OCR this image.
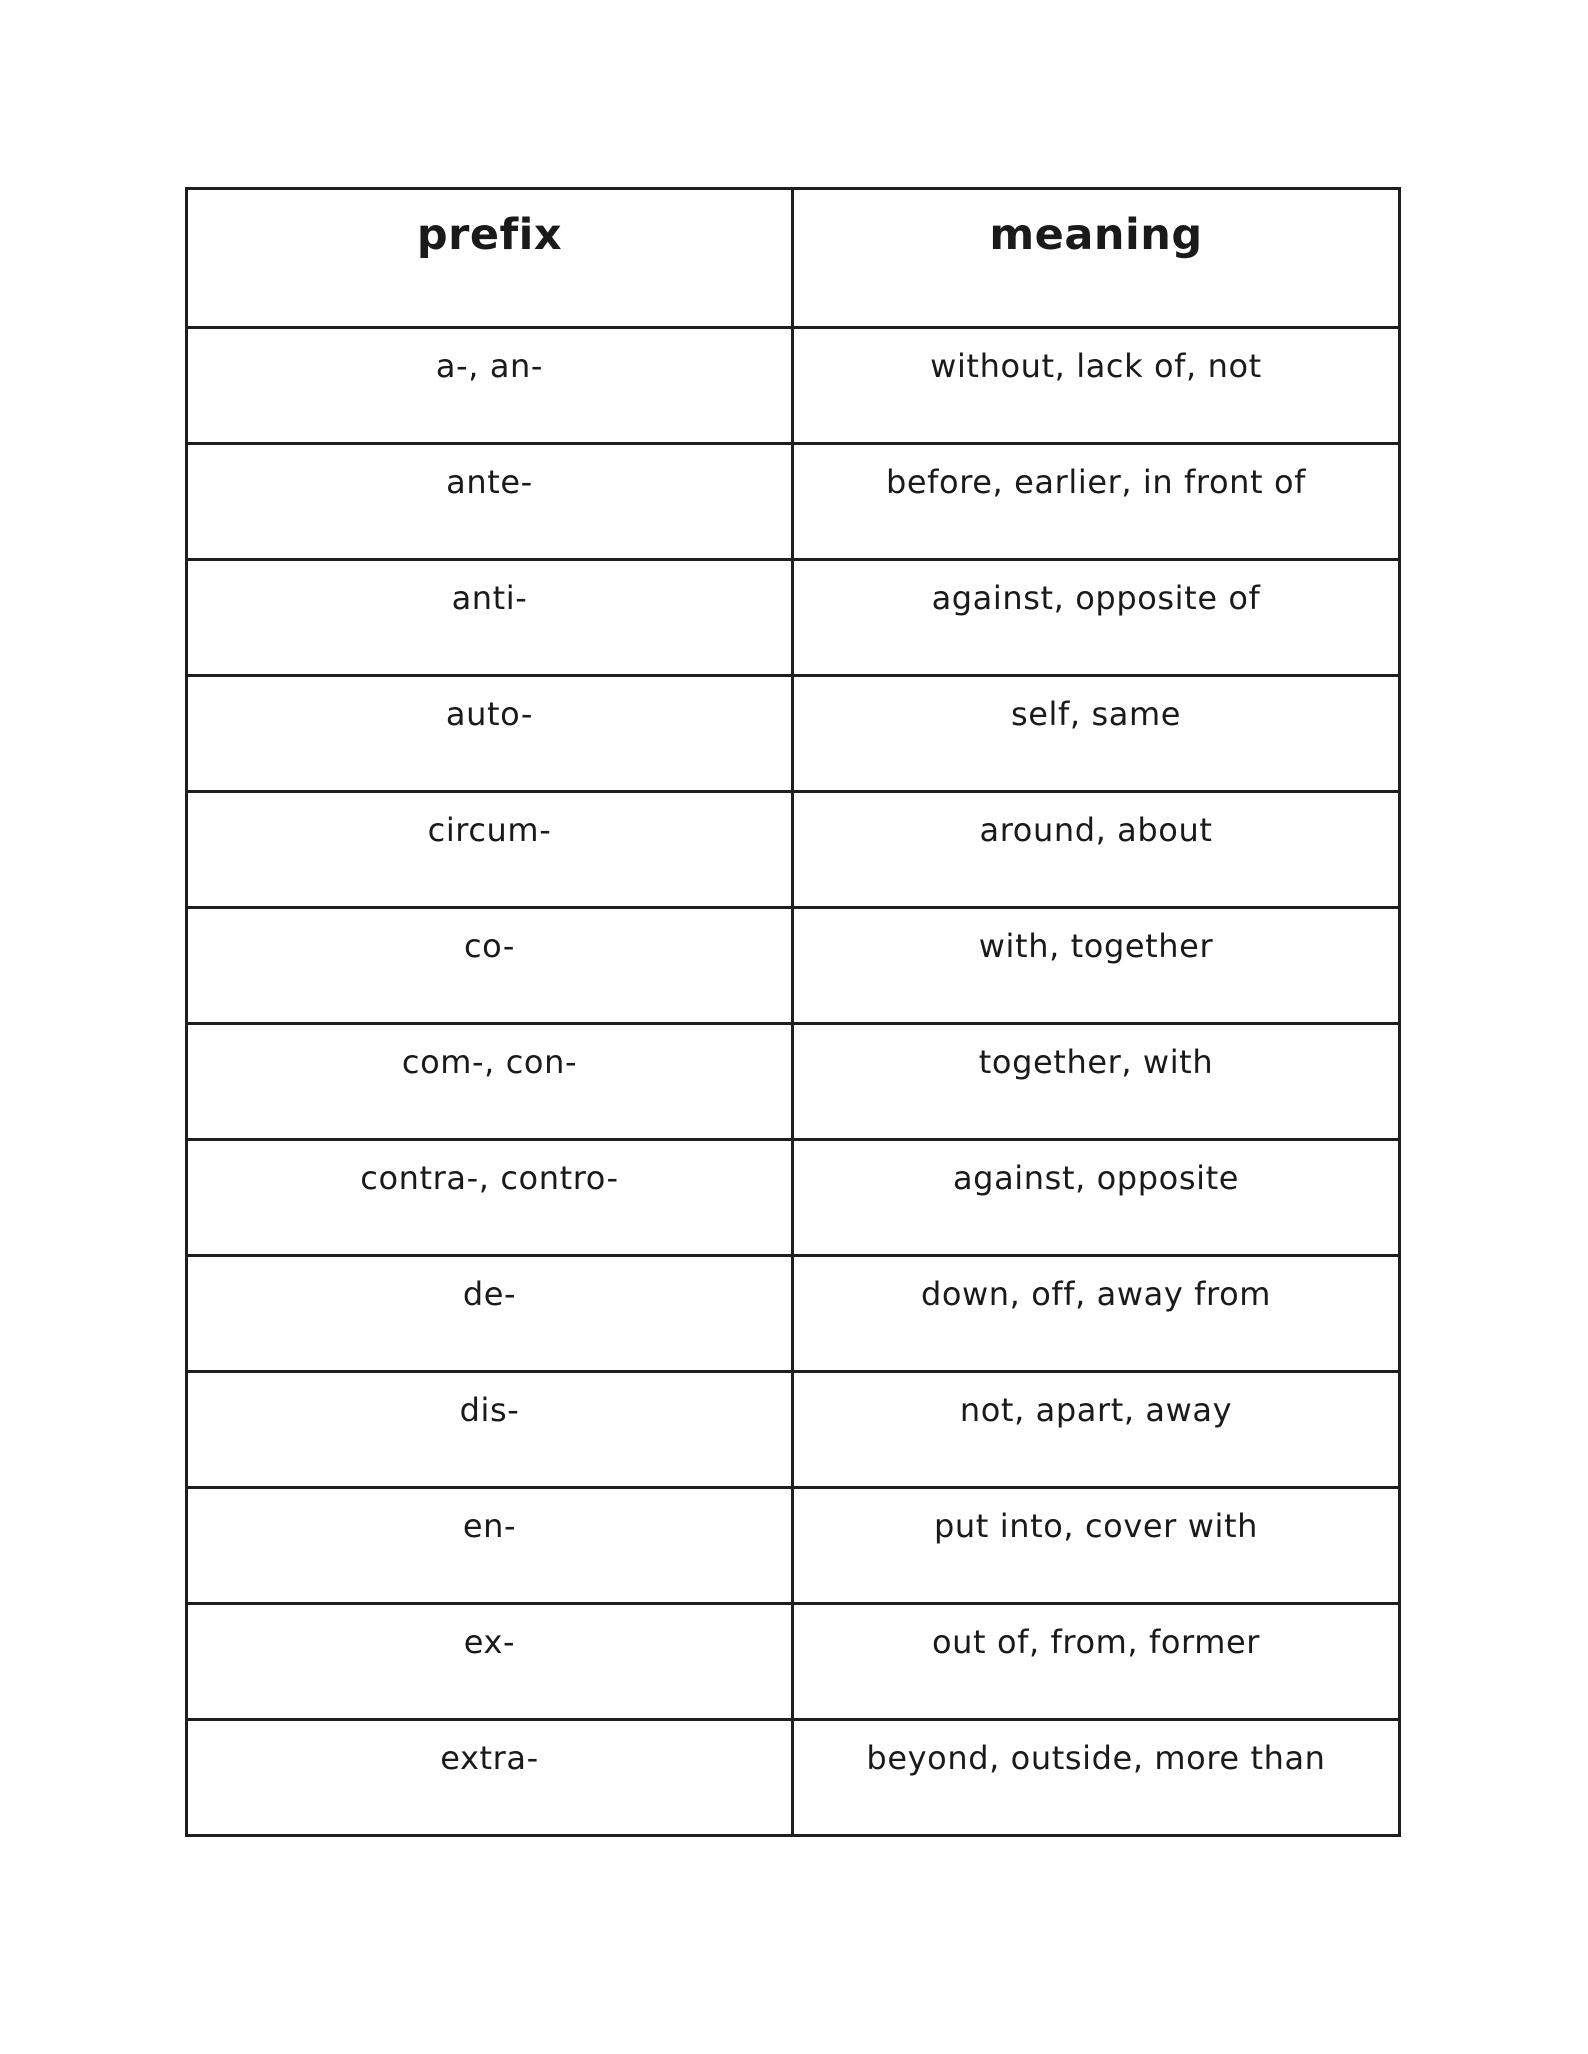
prefix	meaning
a-, an-	without, lack of, not
ante-	before, earlier, in front of
anti-	against, opposite of
auto-	self, same
circum-	around, about
co-	with, together
com-, con-	together, with
contra-, contro-	against, opposite
de-	down, off, away from
dis-	not, apart, away
en-	put into, cover with
ex-	out of, from, former
extra-	beyond, outside, more than
